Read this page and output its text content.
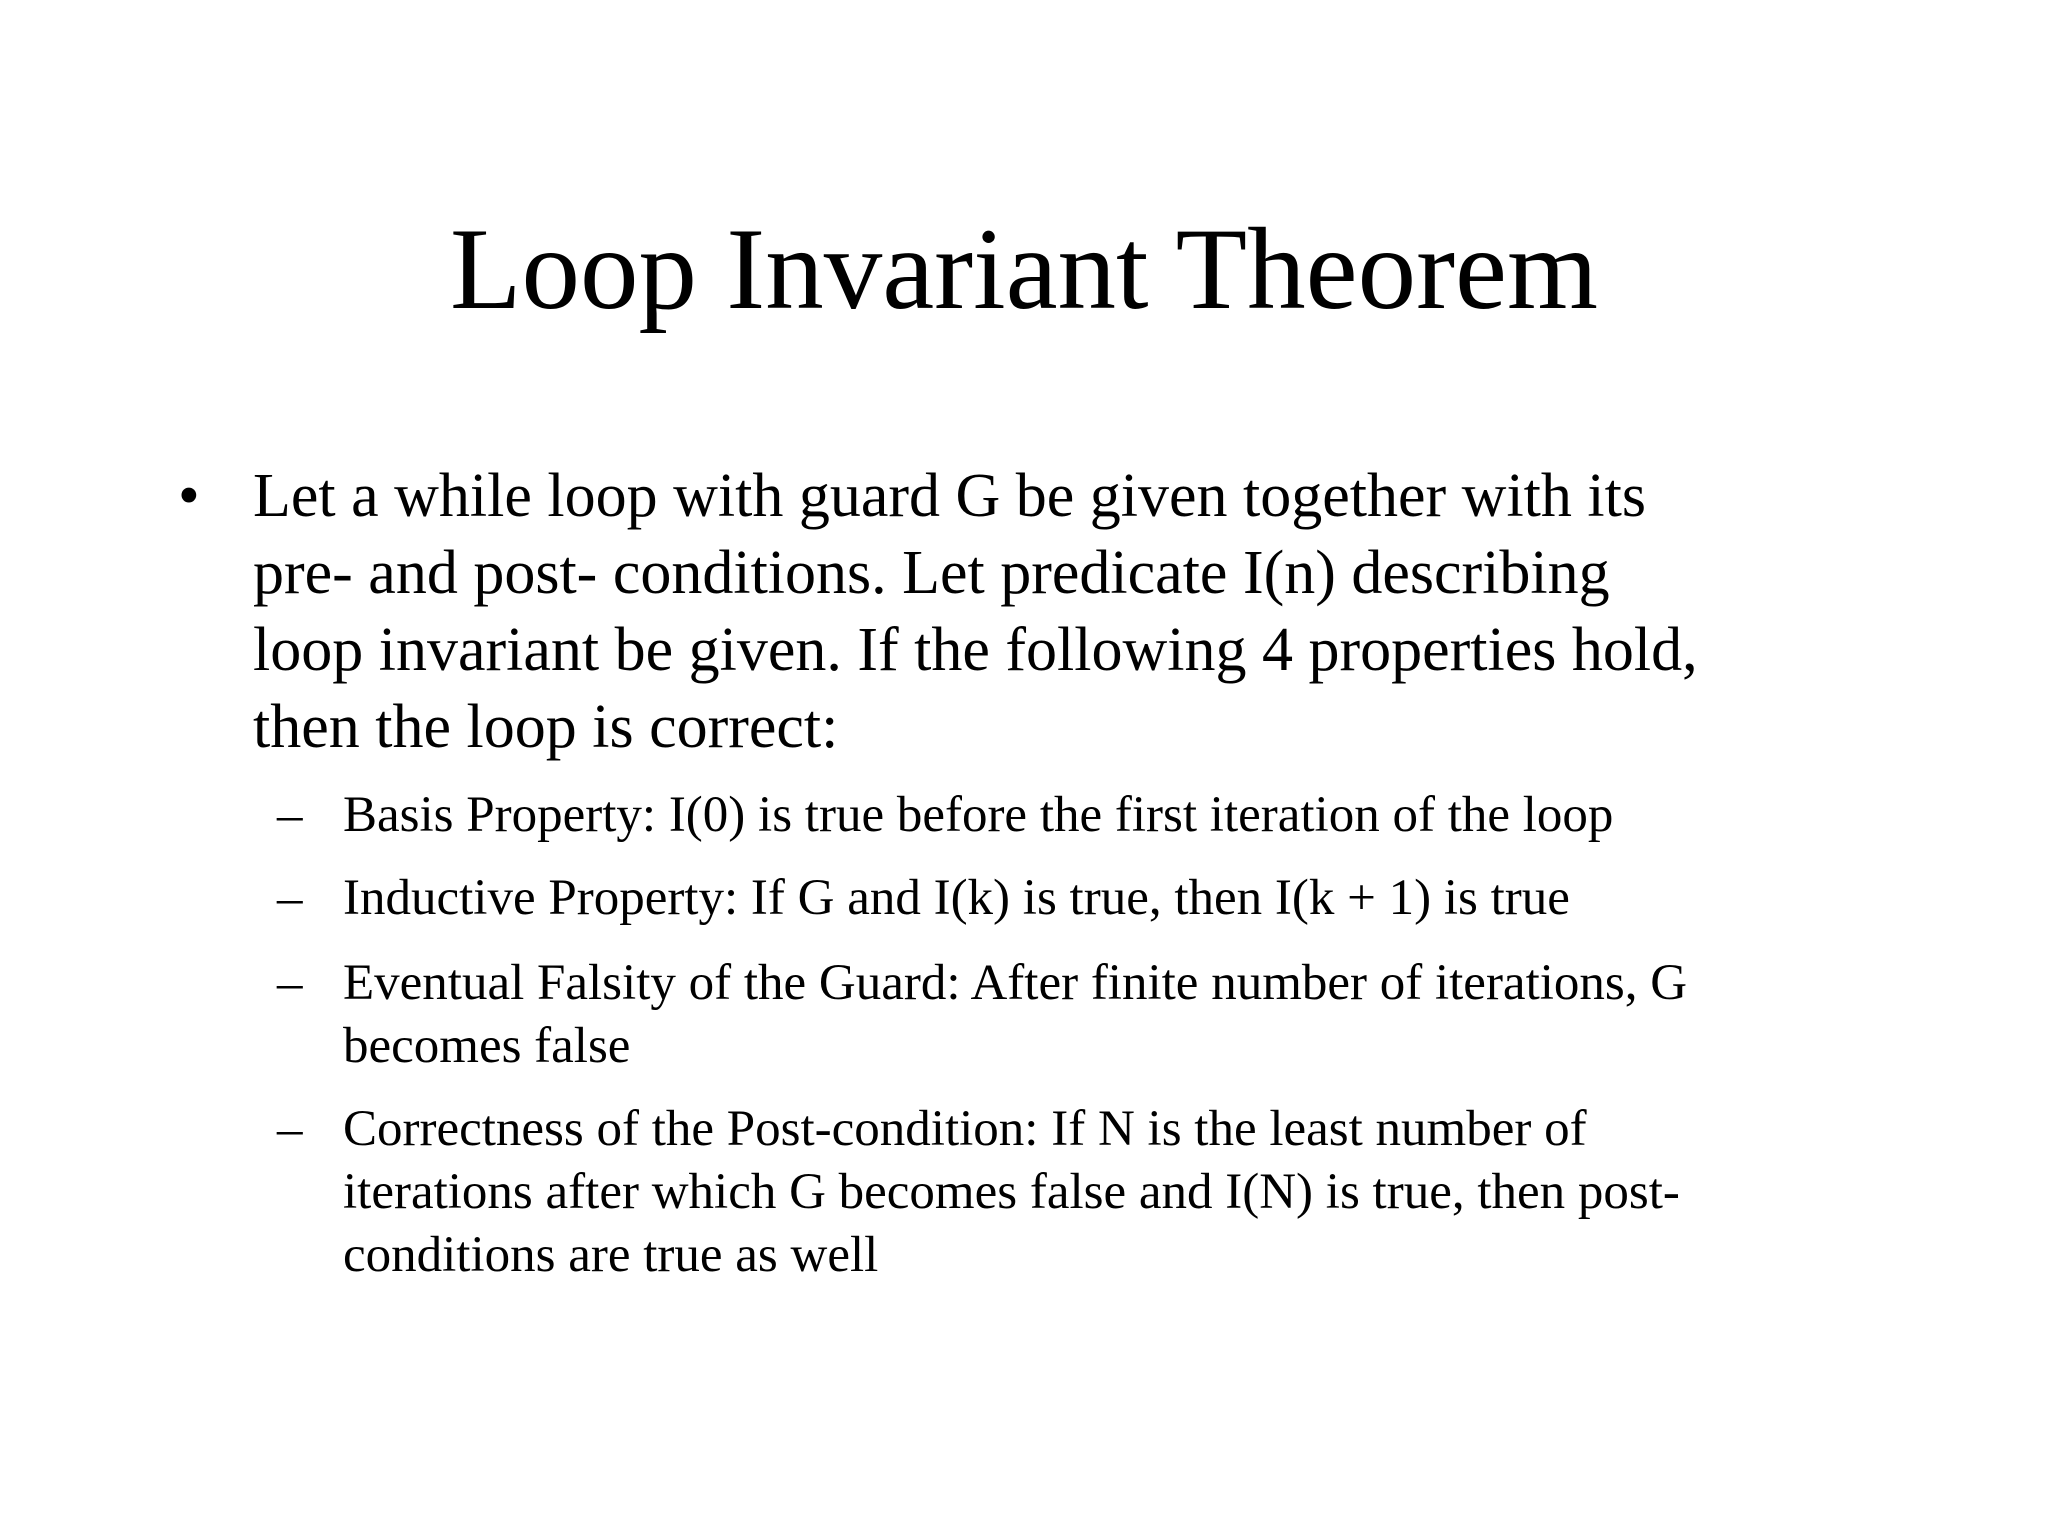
Loop Invariant Theorem
• Let a while loop with guard G be given together with its
pre- and post- conditions. Let predicate I(n) describing
loop invariant be given. If the following 4 properties hold,
then the loop is correct:
– Basis Property: I(0) is true before the first iteration of the loop
– Inductive Property: If G and I(k) is true, then I(k + 1) is true
– Eventual Falsity of the Guard: After finite number of iterations, G
becomes false
– Correctness of the Post-condition: If N is the least number of
iterations after which G becomes false and I(N) is true, then post-
conditions are true as well
